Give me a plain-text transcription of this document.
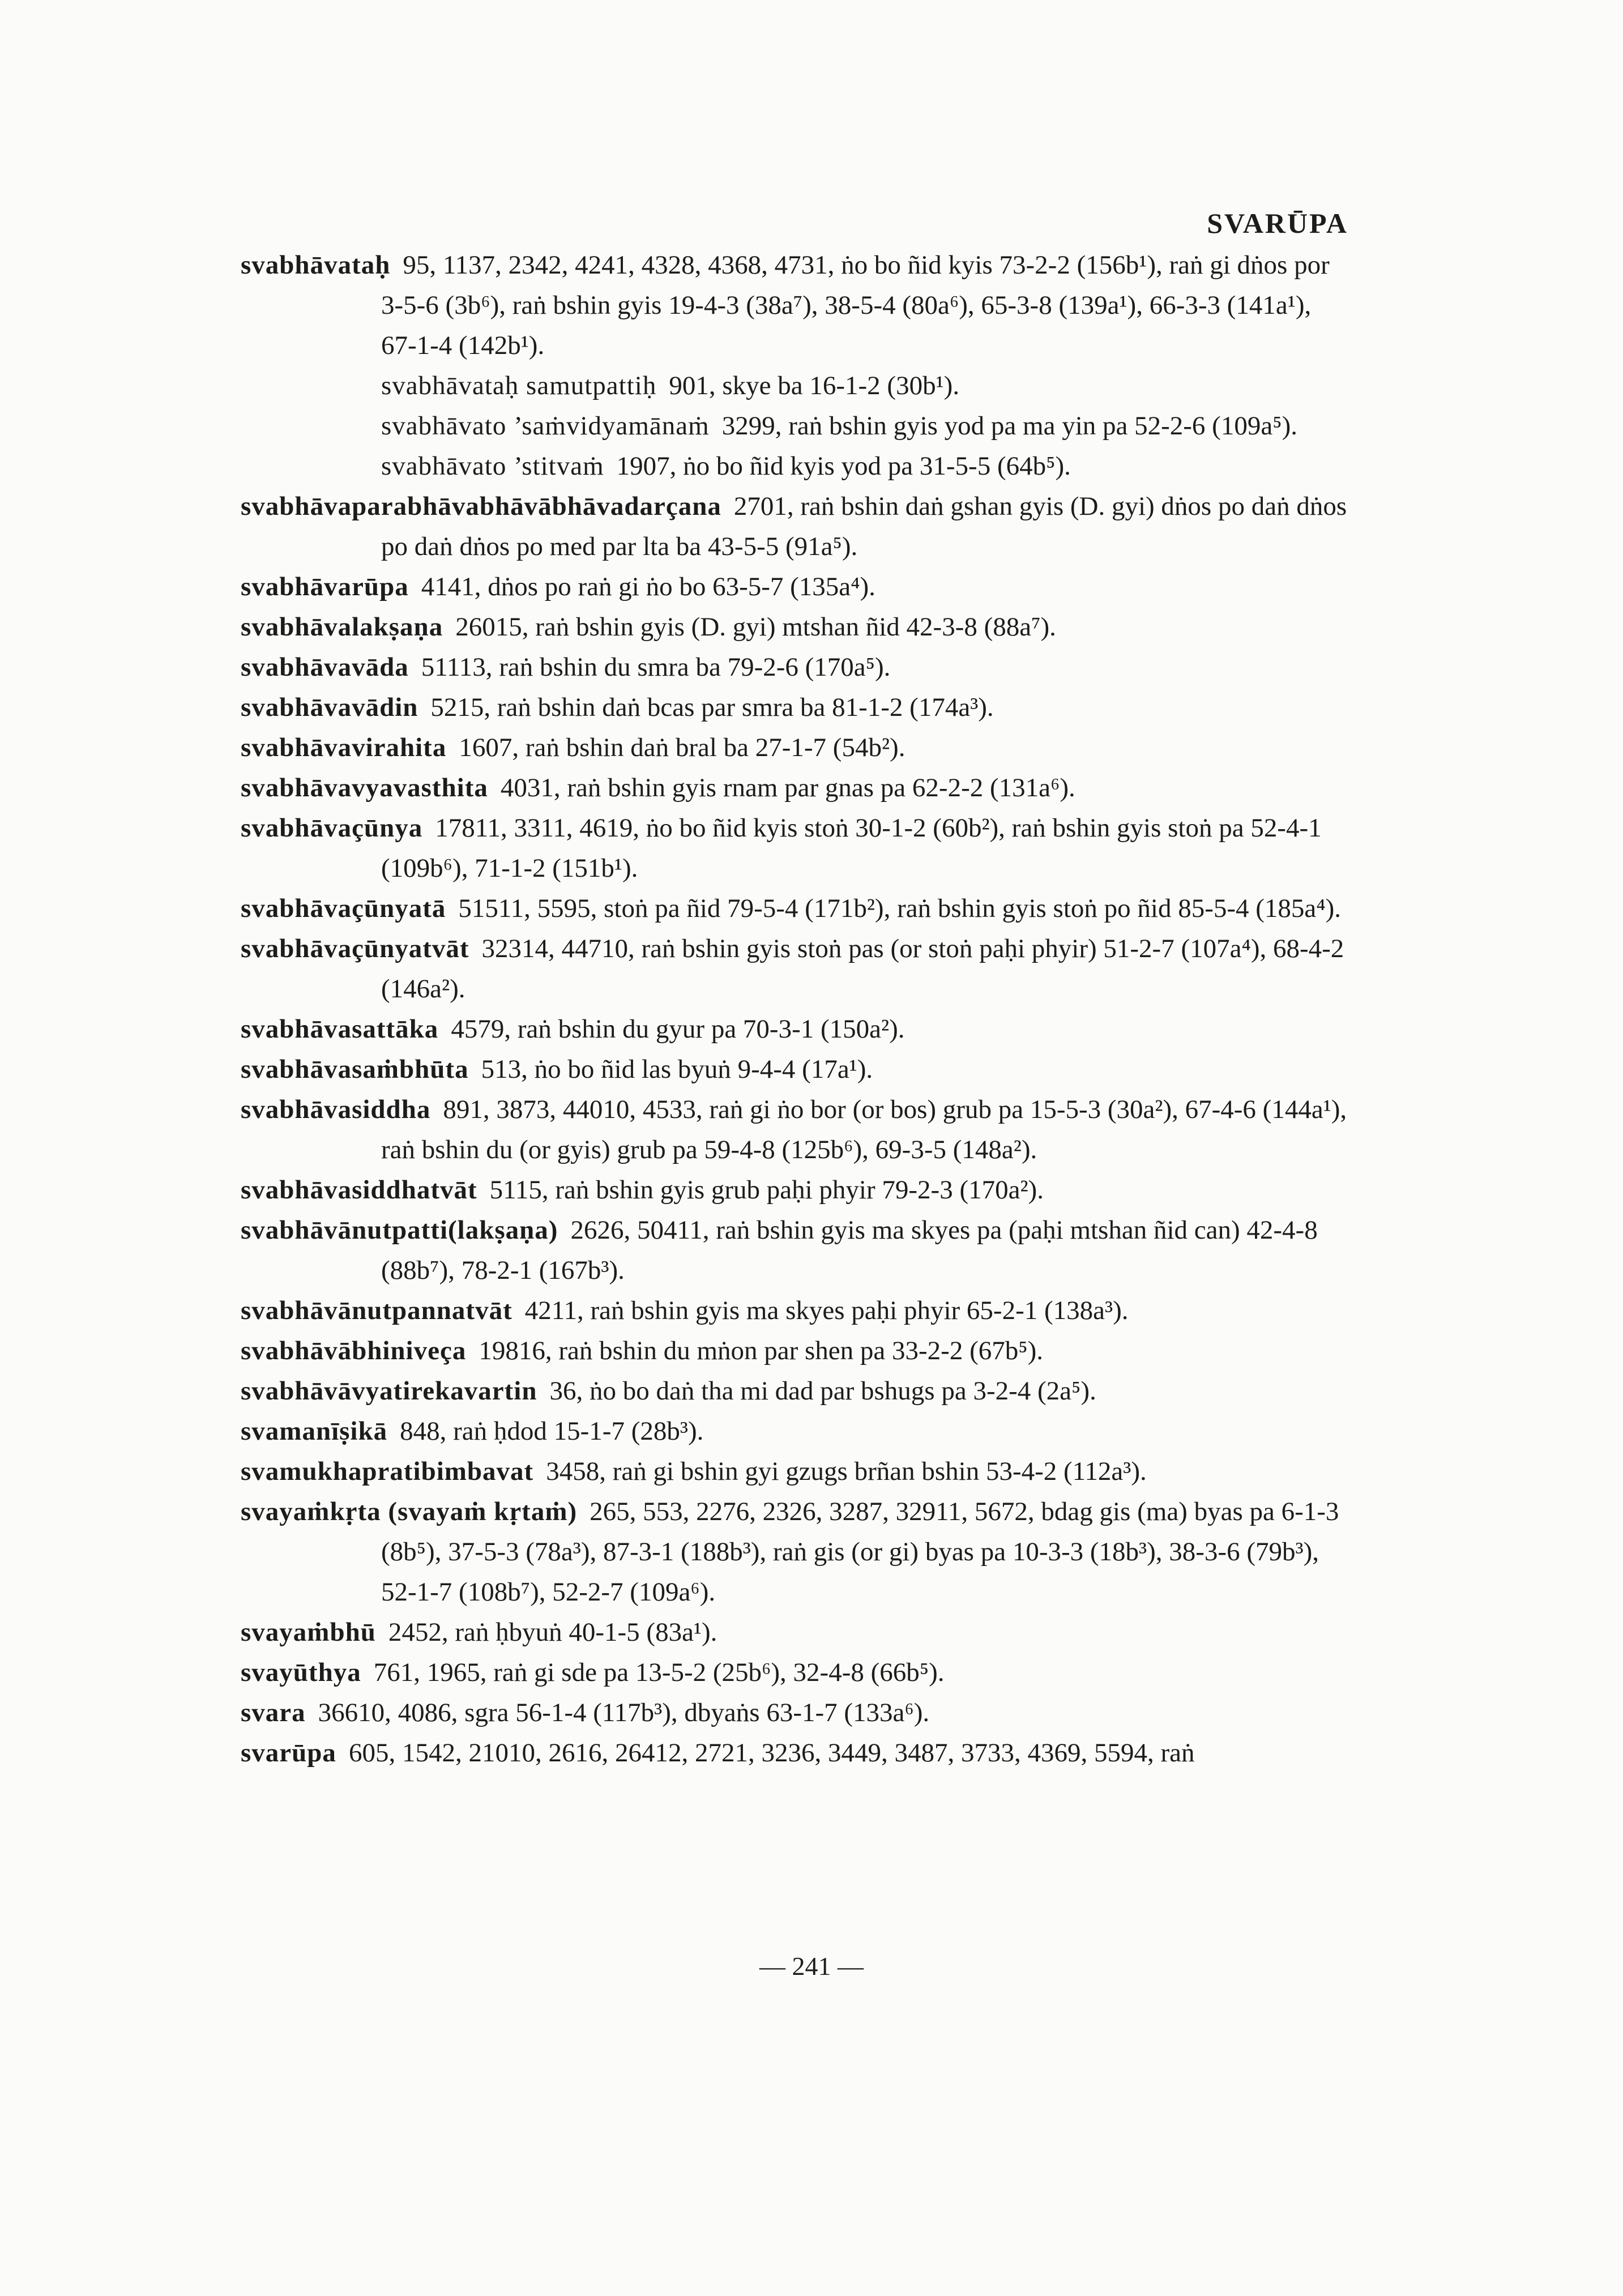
SVARŪPA

svabhāvataḥ 95, 1137, 2342, 4241, 4328, 4368, 4731, ṅo bo ñid kyis 73-2-2 (156b¹), raṅ gi dṅos por 3-5-6 (3b⁶), raṅ bshin gyis 19-4-3 (38a⁷), 38-5-4 (80a⁶), 65-3-8 (139a¹), 66-3-3 (141a¹), 67-1-4 (142b¹).

svabhāvataḥ samutpattiḥ 901, skye ba 16-1-2 (30b¹).

svabhāvato ’saṁvidyamānaṁ 3299, raṅ bshin gyis yod pa ma yin pa 52-2-6 (109a⁵).

svabhāvato ’stitvaṁ 1907, ṅo bo ñid kyis yod pa 31-5-5 (64b⁵).

svabhāvaparabhāvabhāvābhāvadarçana 2701, raṅ bshin daṅ gshan gyis (D. gyi) dṅos po daṅ dṅos po daṅ dṅos po med par lta ba 43-5-5 (91a⁵).

svabhāvarūpa 4141, dṅos po raṅ gi ṅo bo 63-5-7 (135a⁴).

svabhāvalakṣaṇa 26015, raṅ bshin gyis (D. gyi) mtshan ñid 42-3-8 (88a⁷).

svabhāvavāda 51113, raṅ bshin du smra ba 79-2-6 (170a⁵).

svabhāvavādin 5215, raṅ bshin daṅ bcas par smra ba 81-1-2 (174a³).

svabhāvavirahita 1607, raṅ bshin daṅ bral ba 27-1-7 (54b²).

svabhāvavyavasthita 4031, raṅ bshin gyis rnam par gnas pa 62-2-2 (131a⁶).

svabhāvaçūnya 17811, 3311, 4619, ṅo bo ñid kyis stoṅ 30-1-2 (60b²), raṅ bshin gyis stoṅ pa 52-4-1 (109b⁶), 71-1-2 (151b¹).

svabhāvaçūnyatā 51511, 5595, stoṅ pa ñid 79-5-4 (171b²), raṅ bshin gyis stoṅ po ñid 85-5-4 (185a⁴).

svabhāvaçūnyatvāt 32314, 44710, raṅ bshin gyis stoṅ pas (or stoṅ paḥi phyir) 51-2-7 (107a⁴), 68-4-2 (146a²).

svabhāvasattāka 4579, raṅ bshin du gyur pa 70-3-1 (150a²).

svabhāvasaṁbhūta 513, ṅo bo ñid las byuṅ 9-4-4 (17a¹).

svabhāvasiddha 891, 3873, 44010, 4533, raṅ gi ṅo bor (or bos) grub pa 15-5-3 (30a²), 67-4-6 (144a¹), raṅ bshin du (or gyis) grub pa 59-4-8 (125b⁶), 69-3-5 (148a²).

svabhāvasiddhatvāt 5115, raṅ bshin gyis grub paḥi phyir 79-2-3 (170a²).

svabhāvānutpatti(lakṣaṇa) 2626, 50411, raṅ bshin gyis ma skyes pa (paḥi mtshan ñid can) 42-4-8 (88b⁷), 78-2-1 (167b³).

svabhāvānutpannatvāt 4211, raṅ bshin gyis ma skyes paḥi phyir 65-2-1 (138a³).

svabhāvābhiniveça 19816, raṅ bshin du mṅon par shen pa 33-2-2 (67b⁵).

svabhāvāvyatirekavartin 36, ṅo bo daṅ tha mi dad par bshugs pa 3-2-4 (2a⁵).

svamanīṣikā 848, raṅ ḥdod 15-1-7 (28b³).

svamukhapratibimbavat 3458, raṅ gi bshin gyi gzugs brñan bshin 53-4-2 (112a³).

svayaṁkṛta (svayaṁ kṛtaṁ) 265, 553, 2276, 2326, 3287, 32911, 5672, bdag gis (ma) byas pa 6-1-3 (8b⁵), 37-5-3 (78a³), 87-3-1 (188b³), raṅ gis (or gi) byas pa 10-3-3 (18b³), 38-3-6 (79b³), 52-1-7 (108b⁷), 52-2-7 (109a⁶).

svayaṁbhū 2452, raṅ ḥbyuṅ 40-1-5 (83a¹).

svayūthya 761, 1965, raṅ gi sde pa 13-5-2 (25b⁶), 32-4-8 (66b⁵).

svara 36610, 4086, sgra 56-1-4 (117b³), dbyaṅs 63-1-7 (133a⁶).

svarūpa 605, 1542, 21010, 2616, 26412, 2721, 3236, 3449, 3487, 3733, 4369, 5594, raṅ

— 241 —
